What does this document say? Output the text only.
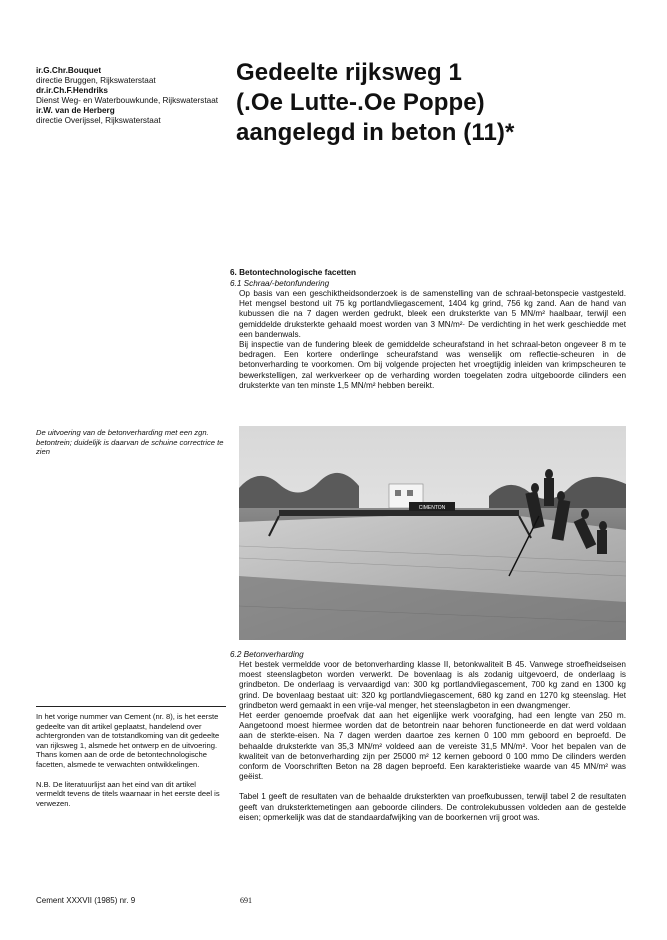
ir.G.Chr.Bouquet
directie Bruggen, Rijkswaterstaat
dr.ir.Ch.F.Hendriks
Dienst Weg- en Waterbouwkunde, Rijkswaterstaat
ir.W. van de Herberg
directie Overijssel, Rijkswaterstaat
Gedeelte rijksweg 1
(.Oe Lutte-.Oe Poppe)
aangelegd in beton (11)*
6. Betontechnologische facetten
6.1 Schraa/-betonfundering

Op basis van een geschiktheidsonderzoek is de samenstelling van de schraal-betonspecie vastgesteld. Het mengsel bestond uit 75 kg portlandvliegascement, 1404 kg grind, 756 kg zand. Aan de hand van kubussen die na 7 dagen werden gedrukt, bleek een druksterkte van 5 MN/m² haalbaar, terwijl een gemiddelde druksterkte gehaald moest worden van 3 MN/m²· De verdichting in het werk geschiedde met een bandenwals.

Bij inspectie van de fundering bleek de gemiddelde scheurafstand in het schraal-beton ongeveer 8 m te bedragen. Een kortere onderlinge scheurafstand was wenselijk om reflectie-scheuren in de betonverharding te voorkomen. Om bij volgende projecten het vroegtijdig inleiden van krimpscheuren te bewerkstelligen, zal werkverkeer op de verharding worden toegelaten zodra uitgeboorde cilinders een druksterkte van ten minste 1,5 MN/m² hebben bereikt.

De uitvoering van de betonverharding met een zgn. betontrein; duidelijk is daarvan de schuine correctrice te zien
CIMENTON
6.2 Betonverharding

Het bestek vermeldde voor de betonverharding klasse II, betonkwaliteit B 45. Vanwege stroefheidseisen moest steenslagbeton worden verwerkt. De bovenlaag is als zodanig uitgevoerd, de onderlaag is grindbeton. De onderlaag is vervaardigd van: 300 kg portlandvliegascement, 700 kg zand en 1300 kg grind. De bovenlaag bestaat uit: 320 kg portlandvliegascement, 680 kg zand en 1270 kg steenslag. Het grindbeton werd gemaakt in een vrije-val menger, het steenslagbeton in een dwangmenger.

Het eerder genoemde proefvak dat aan het eigenlijke werk voorafging, had een lengte van 250 m. Aangetoond moest hiermee worden dat de betontrein naar behoren functioneerde en dat werd voldaan aan de sterkte-eisen. Na 7 dagen werden daartoe zes kernen 0 100 mm geboord en beproefd. De behaalde druksterkte van 35,3 MN/m² voldeed aan de vereiste 31,5 MN/m². Voor het bepalen van de kwaliteit van de betonverharding zijn per 25000 m² 12 kernen geboord 0 100 mmo De cilinders werden conform de Voorschriften Beton na 28 dagen beproefd. Een karakteristieke waarde van 45 MN/m² was geëist.

Tabel 1 geeft de resultaten van de behaalde druksterkten van proefkubussen, terwijl tabel 2 de resultaten geeft van druksterktemetingen aan geboorde cilinders. De controlekubussen voldeden aan de gestelde eisen; opmerkelijk was dat de standaardafwijking van de boorkernen vrij groot was.

In het vorige nummer van Cement (nr. 8), is het eerste gedeelte van dit artikel geplaatst, handelend over achtergronden van de totstandkoming van dit gedeelte van rijksweg 1, alsmede het ontwerp en de uitvoering. Thans komen aan de orde de betontechnologische facetten, alsmede te verwachten ontwikkelingen.

N.B. De literatuurlijst aan het eind van dit artikel vermeldt tevens de titels waarnaar in het eerste deel is verwezen.

Cement XXXVII (1985) nr. 9	691
